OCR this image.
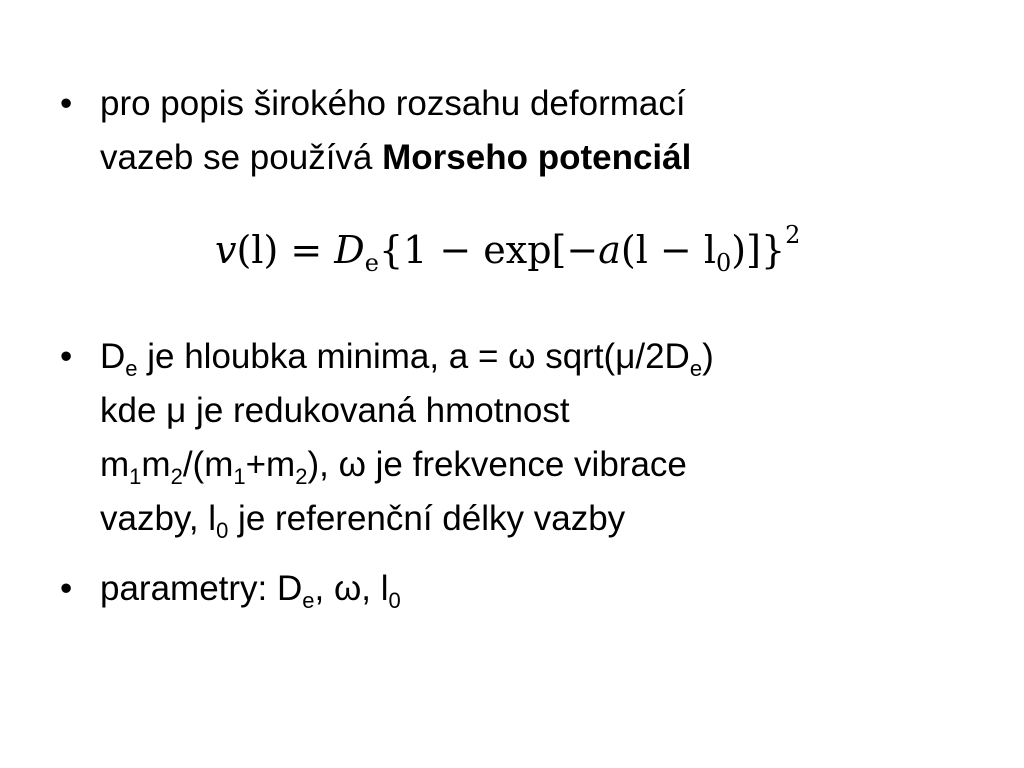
• pro popis širokého rozsahu deformací
vazeb se používá Morseho potenciál
$v(l) = D_e\{1 - \exp[-a(l - l_0)]\}^2$
• $D_e$ je hloubka minima, a = ω $sqrt(\mu/2D_e)$
kde μ je redukovaná hmotnost
$m_1m_2/(m_1+m_2)$, ω je frekvence vibrace
vazby, $l_0$ je referenční délky vazby
• parametry: $D_e$, ω, $l_0$
